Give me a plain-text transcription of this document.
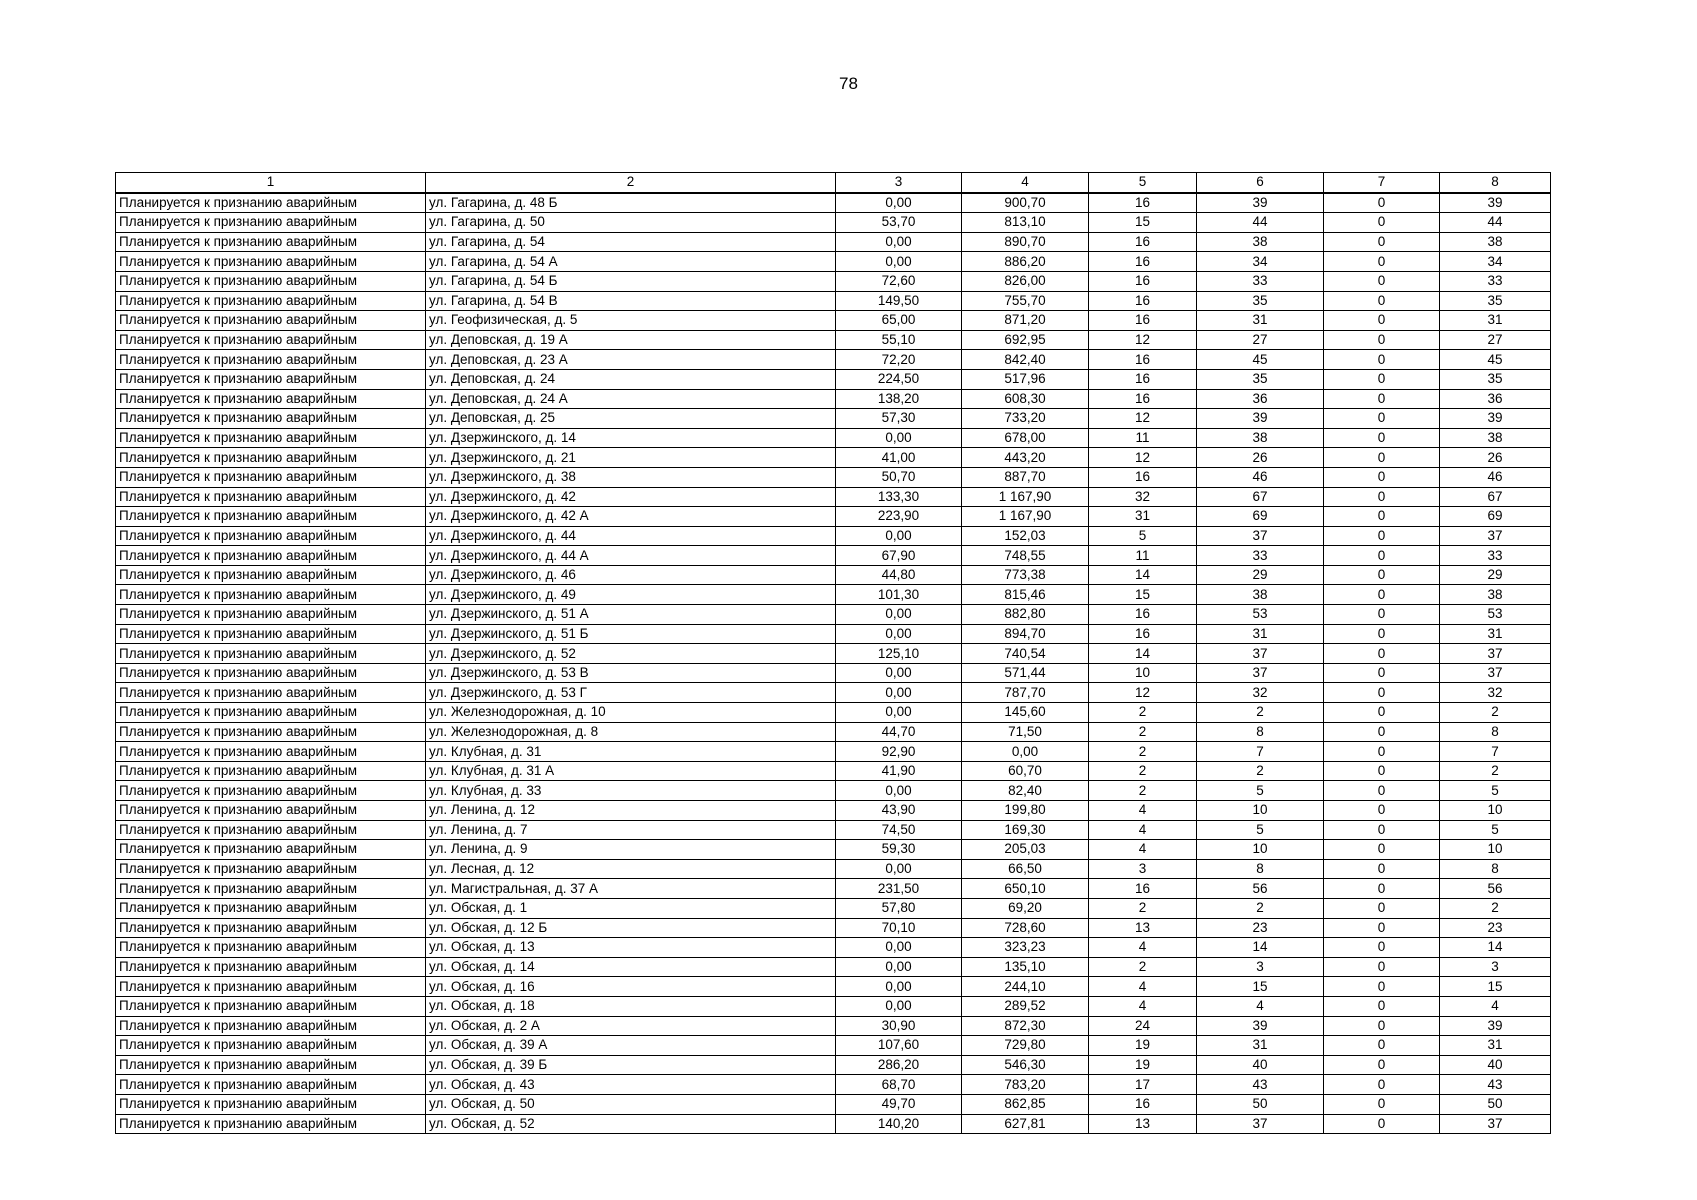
78
1	2	3	4	5	6	7	8
Планируется к признанию аварийным	ул. Гагарина, д. 48 Б	0,00	900,70	16	39	0	39
Планируется к признанию аварийным	ул. Гагарина, д. 50	53,70	813,10	15	44	0	44
Планируется к признанию аварийным	ул. Гагарина, д. 54	0,00	890,70	16	38	0	38
Планируется к признанию аварийным	ул. Гагарина, д. 54 А	0,00	886,20	16	34	0	34
Планируется к признанию аварийным	ул. Гагарина, д. 54 Б	72,60	826,00	16	33	0	33
Планируется к признанию аварийным	ул. Гагарина, д. 54 В	149,50	755,70	16	35	0	35
Планируется к признанию аварийным	ул. Геофизическая, д. 5	65,00	871,20	16	31	0	31
Планируется к признанию аварийным	ул. Деповская, д. 19 А	55,10	692,95	12	27	0	27
Планируется к признанию аварийным	ул. Деповская, д. 23 А	72,20	842,40	16	45	0	45
Планируется к признанию аварийным	ул. Деповская, д. 24	224,50	517,96	16	35	0	35
Планируется к признанию аварийным	ул. Деповская, д. 24 А	138,20	608,30	16	36	0	36
Планируется к признанию аварийным	ул. Деповская, д. 25	57,30	733,20	12	39	0	39
Планируется к признанию аварийным	ул. Дзержинского, д. 14	0,00	678,00	11	38	0	38
Планируется к признанию аварийным	ул. Дзержинского, д. 21	41,00	443,20	12	26	0	26
Планируется к признанию аварийным	ул. Дзержинского, д. 38	50,70	887,70	16	46	0	46
Планируется к признанию аварийным	ул. Дзержинского, д. 42	133,30	1 167,90	32	67	0	67
Планируется к признанию аварийным	ул. Дзержинского, д. 42 А	223,90	1 167,90	31	69	0	69
Планируется к признанию аварийным	ул. Дзержинского, д. 44	0,00	152,03	5	37	0	37
Планируется к признанию аварийным	ул. Дзержинского, д. 44 А	67,90	748,55	11	33	0	33
Планируется к признанию аварийным	ул. Дзержинского, д. 46	44,80	773,38	14	29	0	29
Планируется к признанию аварийным	ул. Дзержинского, д. 49	101,30	815,46	15	38	0	38
Планируется к признанию аварийным	ул. Дзержинского, д. 51 А	0,00	882,80	16	53	0	53
Планируется к признанию аварийным	ул. Дзержинского, д. 51 Б	0,00	894,70	16	31	0	31
Планируется к признанию аварийным	ул. Дзержинского, д. 52	125,10	740,54	14	37	0	37
Планируется к признанию аварийным	ул. Дзержинского, д. 53 В	0,00	571,44	10	37	0	37
Планируется к признанию аварийным	ул. Дзержинского, д. 53 Г	0,00	787,70	12	32	0	32
Планируется к признанию аварийным	ул. Железнодорожная, д. 10	0,00	145,60	2	2	0	2
Планируется к признанию аварийным	ул. Железнодорожная, д. 8	44,70	71,50	2	8	0	8
Планируется к признанию аварийным	ул. Клубная, д. 31	92,90	0,00	2	7	0	7
Планируется к признанию аварийным	ул. Клубная, д. 31 А	41,90	60,70	2	2	0	2
Планируется к признанию аварийным	ул. Клубная, д. 33	0,00	82,40	2	5	0	5
Планируется к признанию аварийным	ул. Ленина, д. 12	43,90	199,80	4	10	0	10
Планируется к признанию аварийным	ул. Ленина, д. 7	74,50	169,30	4	5	0	5
Планируется к признанию аварийным	ул. Ленина, д. 9	59,30	205,03	4	10	0	10
Планируется к признанию аварийным	ул. Лесная, д. 12	0,00	66,50	3	8	0	8
Планируется к признанию аварийным	ул. Магистральная, д. 37 А	231,50	650,10	16	56	0	56
Планируется к признанию аварийным	ул. Обская, д. 1	57,80	69,20	2	2	0	2
Планируется к признанию аварийным	ул. Обская, д. 12 Б	70,10	728,60	13	23	0	23
Планируется к признанию аварийным	ул. Обская, д. 13	0,00	323,23	4	14	0	14
Планируется к признанию аварийным	ул. Обская, д. 14	0,00	135,10	2	3	0	3
Планируется к признанию аварийным	ул. Обская, д. 16	0,00	244,10	4	15	0	15
Планируется к признанию аварийным	ул. Обская, д. 18	0,00	289,52	4	4	0	4
Планируется к признанию аварийным	ул. Обская, д. 2 А	30,90	872,30	24	39	0	39
Планируется к признанию аварийным	ул. Обская, д. 39 А	107,60	729,80	19	31	0	31
Планируется к признанию аварийным	ул. Обская, д. 39 Б	286,20	546,30	19	40	0	40
Планируется к признанию аварийным	ул. Обская, д. 43	68,70	783,20	17	43	0	43
Планируется к признанию аварийным	ул. Обская, д. 50	49,70	862,85	16	50	0	50
Планируется к признанию аварийным	ул. Обская, д. 52	140,20	627,81	13	37	0	37
